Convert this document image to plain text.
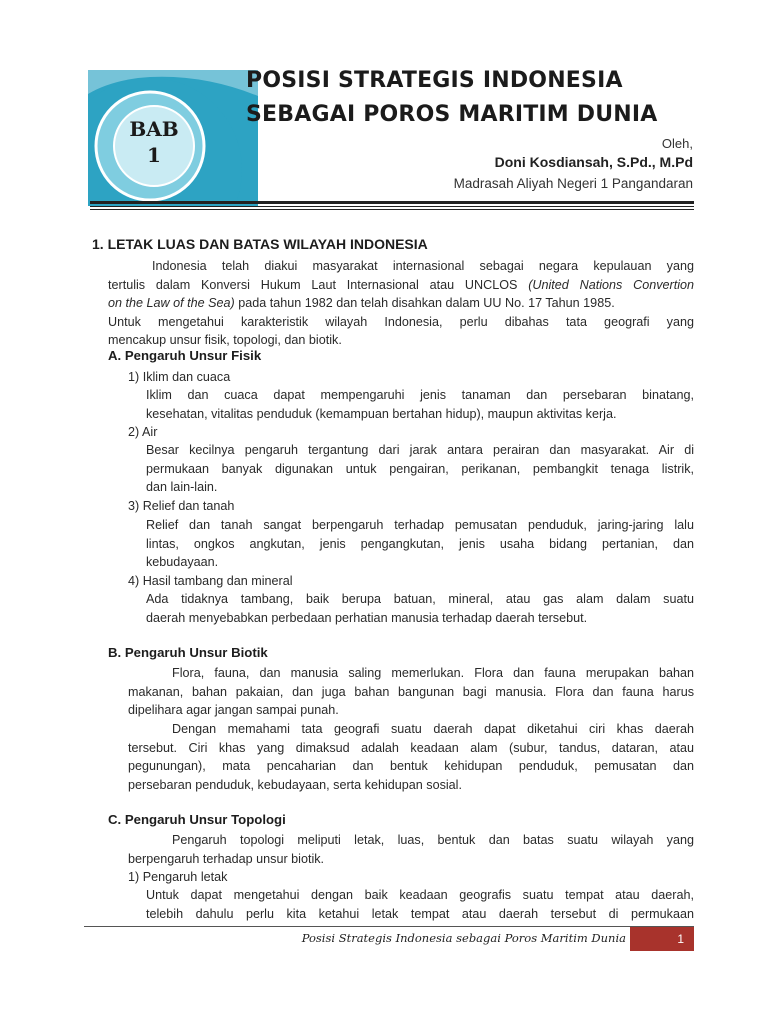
BAB
1
POSISI STRATEGIS INDONESIA
SEBAGAI POROS MARITIM DUNIA
Oleh,
Doni Kosdiansah, S.Pd., M.Pd
Madrasah Aliyah Negeri 1 Pangandaran
1. LETAK LUAS DAN BATAS WILAYAH INDONESIA
Indonesia telah diakui masyarakat internasional sebagai negara kepulauan yang
tertulis dalam Konversi Hukum Laut Internasional atau UNCLOS (United Nations Convertion
on the Law of the Sea) pada tahun 1982 dan telah disahkan dalam UU No. 17 Tahun 1985.
Untuk mengetahui karakteristik wilayah Indonesia, perlu dibahas tata geografi yang
mencakup unsur fisik, topologi, dan biotik.
A. Pengaruh Unsur Fisik
1) Iklim dan cuaca
Iklim dan cuaca dapat mempengaruhi jenis tanaman dan persebaran binatang,
kesehatan, vitalitas penduduk (kemampuan bertahan hidup), maupun aktivitas kerja.
2) Air
Besar kecilnya pengaruh tergantung dari jarak antara perairan dan masyarakat. Air di
permukaan banyak digunakan untuk pengairan, perikanan, pembangkit tenaga listrik,
dan lain-lain.
3) Relief dan tanah
Relief dan tanah sangat berpengaruh terhadap pemusatan penduduk, jaring-jaring lalu
lintas, ongkos angkutan, jenis pengangkutan, jenis usaha bidang pertanian, dan
kebudayaan.
4) Hasil tambang dan mineral
Ada tidaknya tambang, baik berupa batuan, mineral, atau gas alam dalam suatu
daerah menyebabkan perbedaan perhatian manusia terhadap daerah tersebut.
B. Pengaruh Unsur Biotik
Flora, fauna, dan manusia saling memerlukan. Flora dan fauna merupakan bahan
makanan, bahan pakaian, dan juga bahan bangunan bagi manusia. Flora dan fauna harus
dipelihara agar jangan sampai punah.
Dengan memahami tata geografi suatu daerah dapat diketahui ciri khas daerah
tersebut. Ciri khas yang dimaksud adalah keadaan alam (subur, tandus, dataran, atau
pegunungan), mata pencaharian dan bentuk kehidupan penduduk, pemusatan dan
persebaran penduduk, kebudayaan, serta kehidupan sosial.
C. Pengaruh Unsur Topologi
Pengaruh topologi meliputi letak, luas, bentuk dan batas suatu wilayah yang
berpengaruh terhadap unsur biotik.
1) Pengaruh letak
Untuk dapat mengetahui dengan baik keadaan geografis suatu tempat atau daerah,
telebih dahulu perlu kita ketahui letak tempat atau daerah tersebut di permukaan
Posisi Strategis Indonesia sebagai Poros Maritim Dunia	1
